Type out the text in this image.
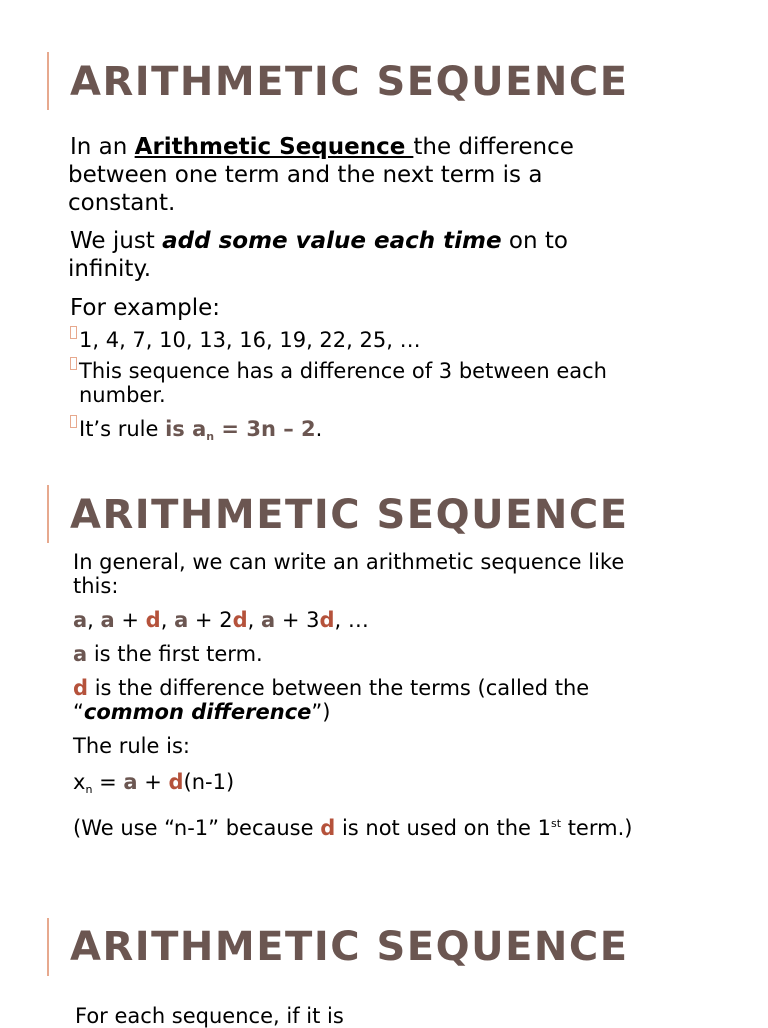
ARITHMETIC SEQUENCE

In an Arithmetic Sequence the difference

between one term and the next term is a

constant.

We just add some value each time on to

infinity.

For example:

1, 4, 7, 10, 13, 16, 19, 22, 25, …

This sequence has a difference of 3 between each

number.

It’s rule is $a_n = 3n - 2$.

ARITHMETIC SEQUENCE

In general, we can write an arithmetic sequence like

this:

a, a + d, a + 2d, a + 3d, …

a is the first term.

d is the difference between the terms (called the

“common difference”)

The rule is:

$x_n = a + d(n-1)$

(We use “n-1” because d is not used on the 1st term.)

ARITHMETIC SEQUENCE

For each sequence, if it is
